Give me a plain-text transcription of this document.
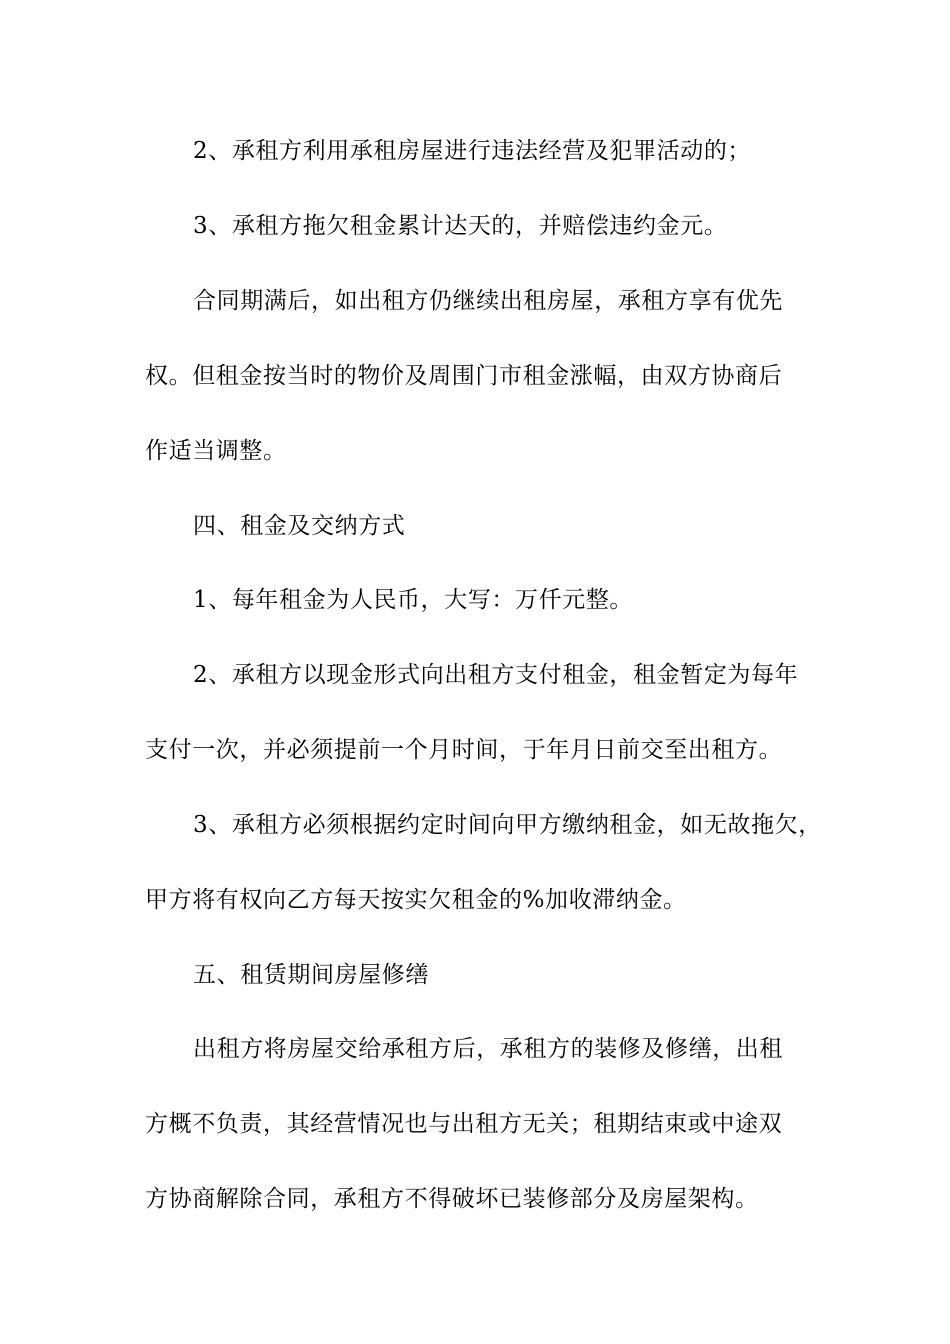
2、承租方利用承租房屋进行违法经营及犯罪活动的；
3、承租方拖欠租金累计达天的，并赔偿违约金元。
合同期满后，如出租方仍继续出租房屋，承租方享有优先
权。但租金按当时的物价及周围门市租金涨幅，由双方协商后
作适当调整。
四、租金及交纳方式
1、每年租金为人民币，大写：万仟元整。
2、承租方以现金形式向出租方支付租金，租金暂定为每年
支付一次，并必须提前一个月时间，于年月日前交至出租方。
3、承租方必须根据约定时间向甲方缴纳租金，如无故拖欠，
甲方将有权向乙方每天按实欠租金的%加收滞纳金。
五、租赁期间房屋修缮
出租方将房屋交给承租方后，承租方的装修及修缮，出租
方概不负责，其经营情况也与出租方无关；租期结束或中途双
方协商解除合同，承租方不得破坏已装修部分及房屋架构。
